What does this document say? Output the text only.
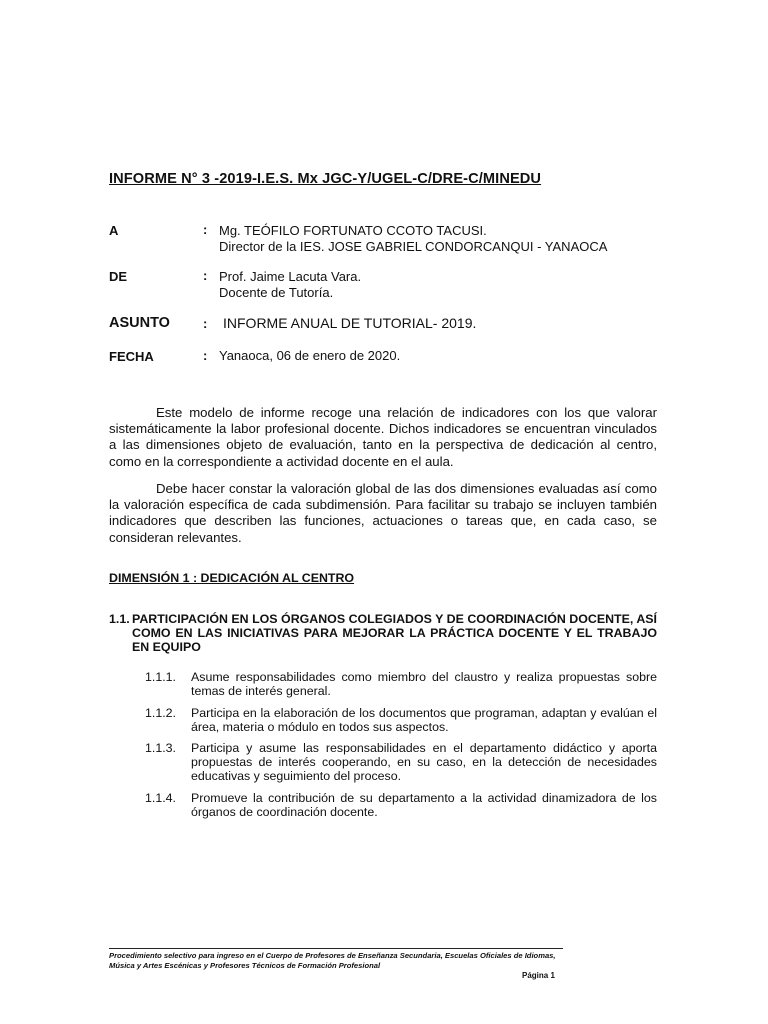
INFORME N° 3 -2019-I.E.S. Mx JGC-Y/UGEL-C/DRE-C/MINEDU
A	: Mg. TEÓFILO FORTUNATO CCOTO TACUSI.
Director de la IES. JOSE GABRIEL CONDORCANQUI - YANAOCA
DE	: Prof. Jaime Lacuta Vara.
Docente de Tutoría.
ASUNTO	: INFORME ANUAL DE TUTORIAL- 2019.
FECHA	: Yanaoca, 06 de enero de 2020.

Este modelo de informe recoge una relación de indicadores con los que valorar sistemáticamente la labor profesional docente. Dichos indicadores se encuentran vinculados a las dimensiones objeto de evaluación, tanto en la perspectiva de dedicación al centro, como en la correspondiente a actividad docente en el aula.

Debe hacer constar la valoración global de las dos dimensiones evaluadas así como la valoración específica de cada subdimensión. Para facilitar su trabajo se incluyen también indicadores que describen las funciones, actuaciones o tareas que, en cada caso, se consideran relevantes.

DIMENSIÓN 1 : DEDICACIÓN AL CENTRO
1.1. PARTICIPACIÓN EN LOS ÓRGANOS COLEGIADOS Y DE COORDINACIÓN DOCENTE, ASÍ COMO EN LAS INICIATIVAS PARA MEJORAR LA PRÁCTICA DOCENTE Y EL TRABAJO EN EQUIPO
1.1.1.	Asume responsabilidades como miembro del claustro y realiza propuestas sobre temas de interés general.
1.1.2.	Participa en la elaboración de los documentos que programan, adaptan y evalúan el área, materia o módulo en todos sus aspectos.
1.1.3.	Participa y asume las responsabilidades en el departamento didáctico y aporta propuestas de interés cooperando, en su caso, en la detección de necesidades educativas y seguimiento del proceso.
1.1.4.	Promueve la contribución de su departamento a la actividad dinamizadora de los órganos de coordinación docente.
Procedimiento selectivo para ingreso en el Cuerpo de Profesores de Enseñanza Secundaria, Escuelas Oficiales de Idiomas, Música y Artes Escénicas y Profesores Técnicos de Formación Profesional
Página 1
